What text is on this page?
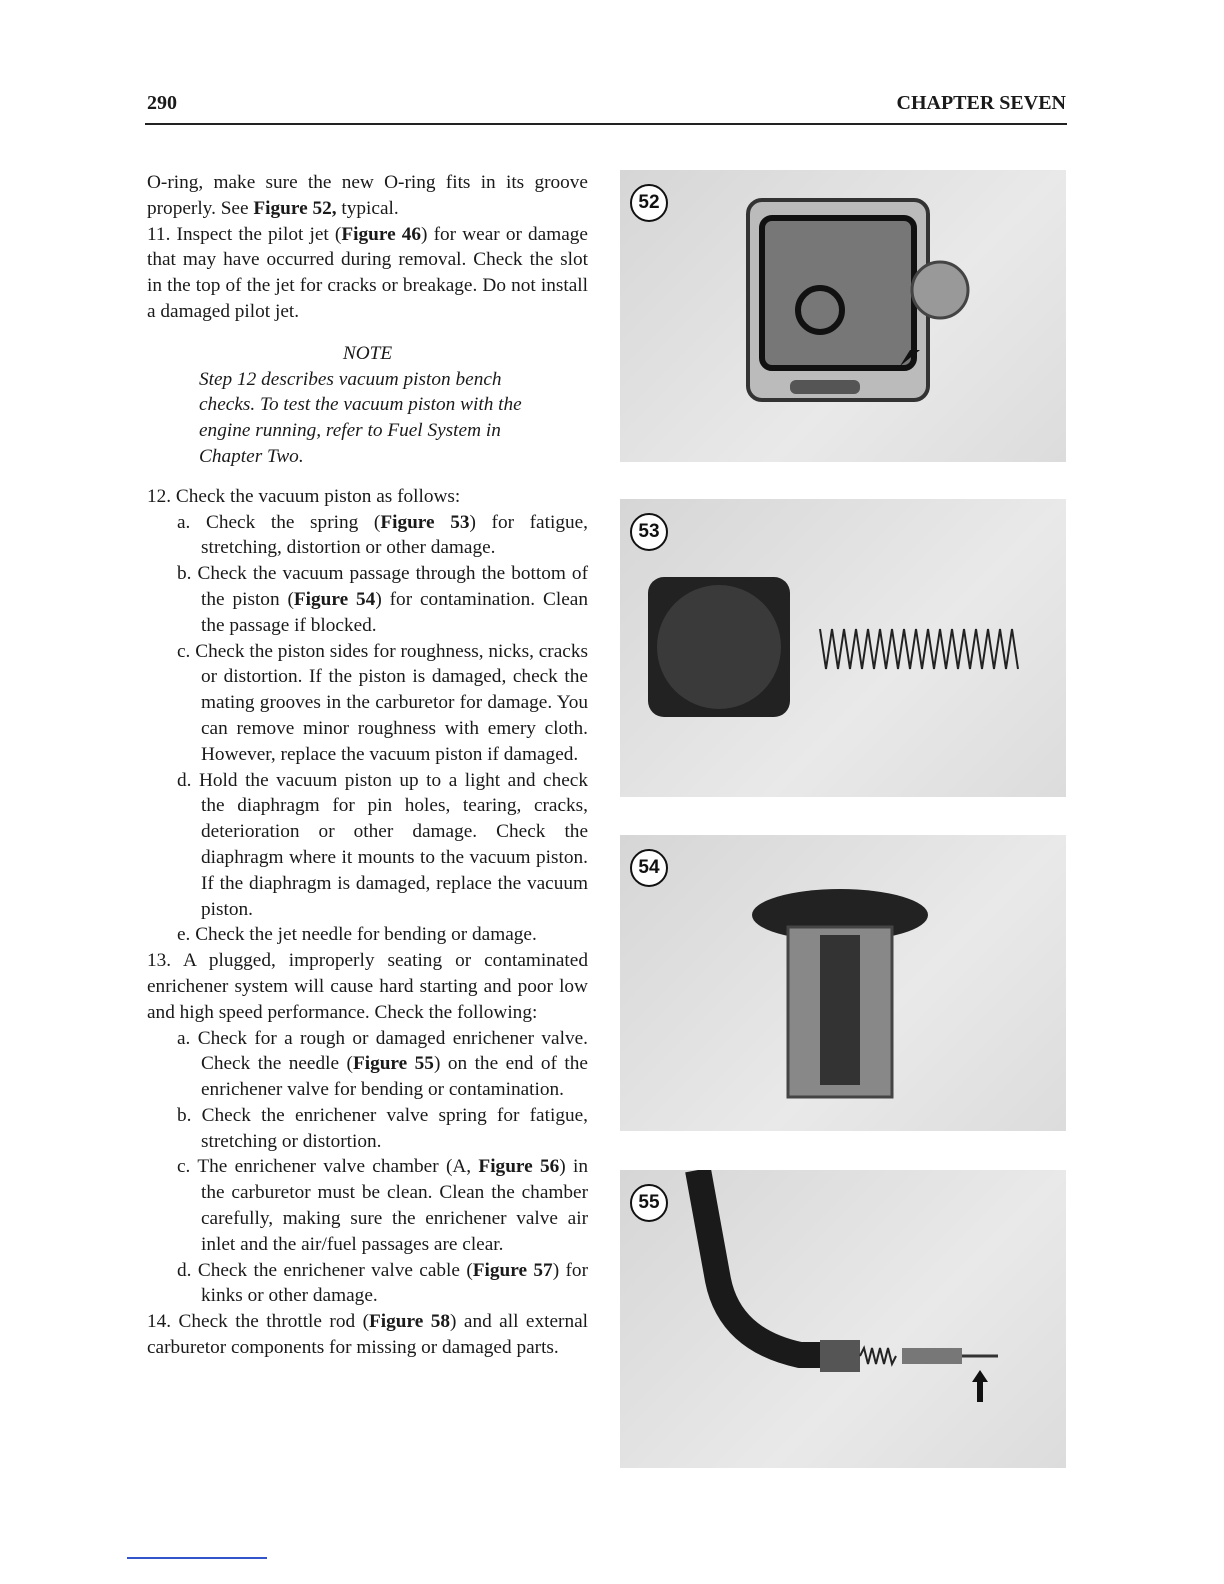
290	CHAPTER SEVEN

O-ring, make sure the new O-ring fits in its groove properly. See Figure 52, typical.

11. Inspect the pilot jet (Figure 46) for wear or damage that may have occurred during removal. Check the slot in the top of the jet for cracks or breakage. Do not install a damaged pilot jet.

NOTE

Step 12 describes vacuum piston bench checks. To test the vacuum piston with the engine running, refer to Fuel System in Chapter Two.

12. Check the vacuum piston as follows:

a. Check the spring (Figure 53) for fatigue, stretching, distortion or other damage.

b. Check the vacuum passage through the bottom of the piston (Figure 54) for contamination. Clean the passage if blocked.

c. Check the piston sides for roughness, nicks, cracks or distortion. If the piston is damaged, check the mating grooves in the carburetor for damage. You can remove minor roughness with emery cloth. However, replace the vacuum piston if damaged.

d. Hold the vacuum piston up to a light and check the diaphragm for pin holes, tearing, cracks, deterioration or other damage. Check the diaphragm where it mounts to the vacuum piston. If the diaphragm is damaged, replace the vacuum piston.

e. Check the jet needle for bending or damage.

13. A plugged, improperly seating or contaminated enrichener system will cause hard starting and poor low and high speed performance. Check the following:

a. Check for a rough or damaged enrichener valve. Check the needle (Figure 55) on the end of the enrichener valve for bending or contamination.

b. Check the enrichener valve spring for fatigue, stretching or distortion.

c. The enrichener valve chamber (A, Figure 56) in the carburetor must be clean. Clean the chamber carefully, making sure the enrichener valve air inlet and the air/fuel passages are clear.

d. Check the enrichener valve cable (Figure 57) for kinks or other damage.

14. Check the throttle rod (Figure 58) and all external carburetor components for missing or damaged parts.

52
53
54
55
